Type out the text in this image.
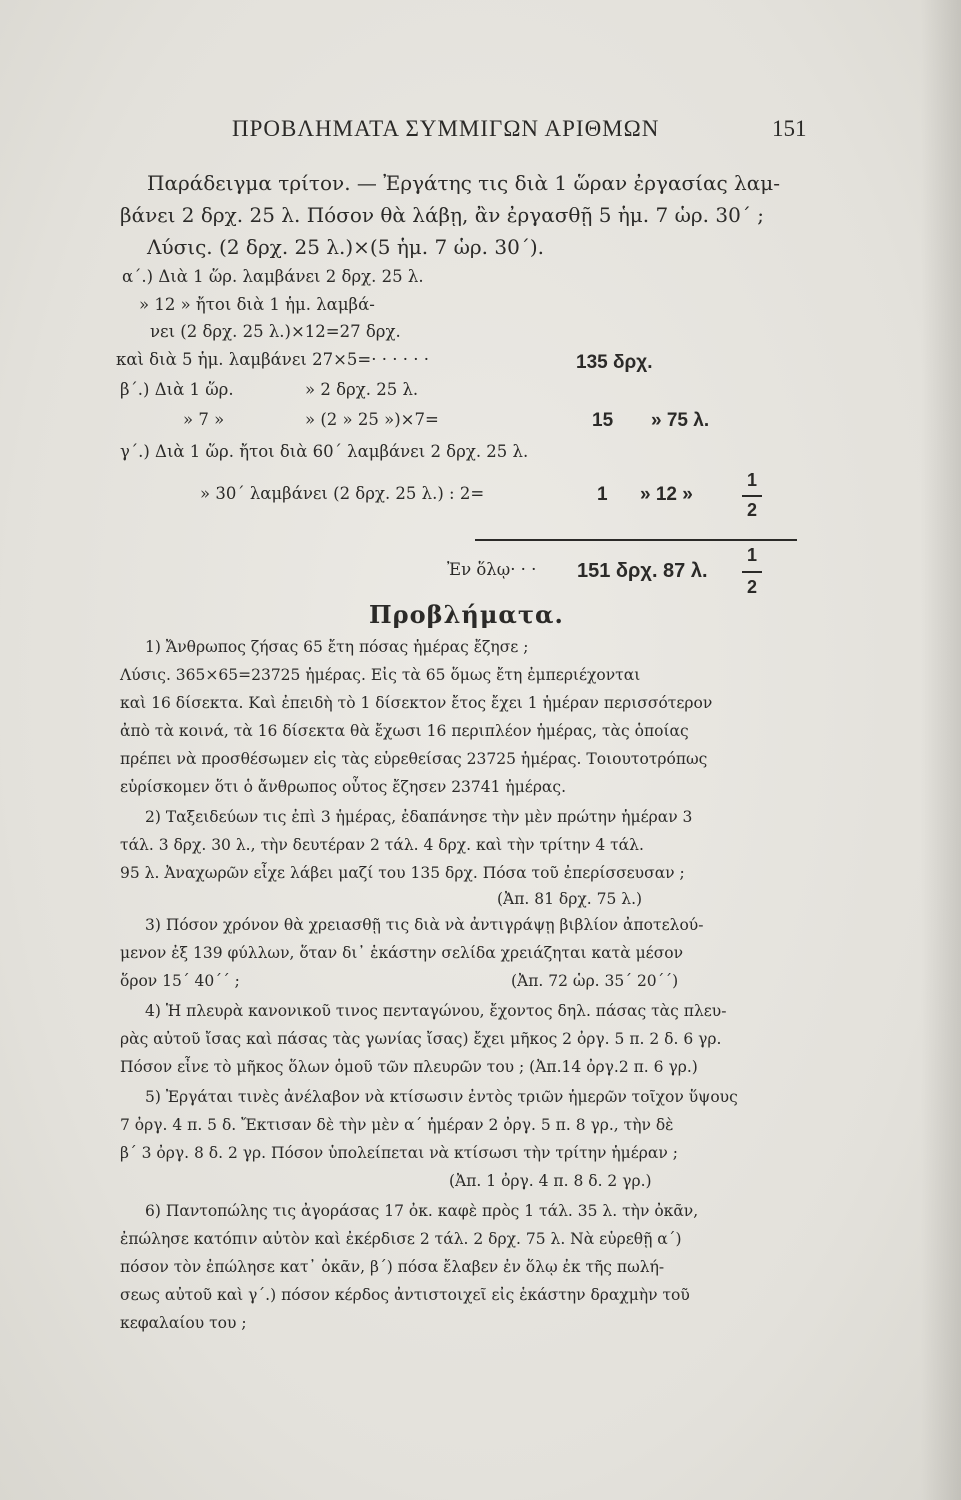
ΠΡΟΒΛΗΜΑΤΑ ΣΥΜΜΙΓΩΝ ΑΡΙΘΜΩΝ	151
Παράδειγμα τρίτον. — Ἐργάτης τις διὰ 1 ὥραν ἐργασίας λαμ-
βάνει 2 δρχ. 25 λ. Πόσον θὰ λάβῃ, ἂν ἐργασθῇ 5 ἡμ. 7 ὡρ. 30΄ ;
Λύσις. (2 δρχ. 25 λ.)×(5 ἡμ. 7 ὡρ. 30΄).
α΄.) Διὰ 1 ὥρ. λαμβάνει 2 δρχ. 25 λ.
» 12 » ἤτοι διὰ 1 ἡμ. λαμβά-
νει (2 δρχ. 25 λ.)×12=27 δρχ.
καὶ διὰ 5 ἡμ. λαμβάνει 27×5=· · · · · ·	135 δρχ.
β΄.) Διὰ 1 ὥρ.	» 2 δρχ. 25 λ.
» 7 »	» (2 » 25 »)×7=	15 » 75 λ.
γ΄.) Διὰ 1 ὥρ. ἤτοι διὰ 60΄ λαμβάνει 2 δρχ. 25 λ.
» 30΄ λαμβάνει (2 δρχ. 25 λ.) : 2=	1 » 12 »
1
2
Ἐν ὅλῳ· · · 151 δρχ. 87 λ.
1
2
Προβλήματα.
1) Ἄνθρωπος ζήσας 65 ἔτη πόσας ἡμέρας ἔζησε ;
Λύσις. 365×65=23725 ἡμέρας. Εἰς τὰ 65 ὅμως ἔτη ἐμπεριέχονται
καὶ 16 δίσεκτα. Καὶ ἐπειδὴ τὸ 1 δίσεκτον ἔτος ἔχει 1 ἡμέραν περισσότερον
ἀπὸ τὰ κοινά, τὰ 16 δίσεκτα θὰ ἔχωσι 16 περιπλέον ἡμέρας, τὰς ὁποίας
πρέπει νὰ προσθέσωμεν εἰς τὰς εὑρεθείσας 23725 ἡμέρας. Τοιουτοτρόπως
εὑρίσκομεν ὅτι ὁ ἄνθρωπος οὗτος ἔζησεν 23741 ἡμέρας.
2) Ταξειδεύων τις ἐπὶ 3 ἡμέρας, ἐδαπάνησε τὴν μὲν πρώτην ἡμέραν 3
τάλ. 3 δρχ. 30 λ., τὴν δευτέραν 2 τάλ. 4 δρχ. καὶ τὴν τρίτην 4 τάλ.
95 λ. Ἀναχωρῶν εἶχε λάβει μαζί του 135 δρχ. Πόσα τοῦ ἐπερίσσευσαν ;
(Ἀπ. 81 δρχ. 75 λ.)
3) Πόσον χρόνον θὰ χρειασθῇ τις διὰ νὰ ἀντιγράψῃ βιβλίον ἀποτελού-
μενον ἐξ 139 φύλλων, ὅταν δι᾽ ἑκάστην σελίδα χρειάζηται κατὰ μέσον
ὅρον 15΄ 40΄΄ ;	(Ἀπ. 72 ὡρ. 35΄ 20΄΄)
4) Ἡ πλευρὰ κανονικοῦ τινος πενταγώνου, ἔχοντος δηλ. πάσας τὰς πλευ-
ρὰς αὐτοῦ ἴσας καὶ πάσας τὰς γωνίας ἴσας) ἔχει μῆκος 2 ὀργ. 5 π. 2 δ. 6 γρ.
Πόσον εἶνε τὸ μῆκος ὅλων ὁμοῦ τῶν πλευρῶν του ; (Ἀπ.14 ὀργ.2 π. 6 γρ.)
5) Ἐργάται τινὲς ἀνέλαβον νὰ κτίσωσιν ἐντὸς τριῶν ἡμερῶν τοῖχον ὕψους
7 ὀργ. 4 π. 5 δ. Ἔκτισαν δὲ τὴν μὲν α΄ ἡμέραν 2 ὀργ. 5 π. 8 γρ., τὴν δὲ
β΄ 3 ὀργ. 8 δ. 2 γρ. Πόσον ὑπολείπεται νὰ κτίσωσι τὴν τρίτην ἡμέραν ;
(Ἀπ. 1 ὀργ. 4 π. 8 δ. 2 γρ.)
6) Παντοπώλης τις ἀγοράσας 17 ὀκ. καφὲ πρὸς 1 τάλ. 35 λ. τὴν ὀκᾶν,
ἐπώλησε κατόπιν αὐτὸν καὶ ἐκέρδισε 2 τάλ. 2 δρχ. 75 λ. Νὰ εὑρεθῇ α΄)
πόσον τὸν ἐπώλησε κατ᾽ ὀκᾶν, β΄) πόσα ἔλαβεν ἐν ὅλῳ ἐκ τῆς πωλή-
σεως αὐτοῦ καὶ γ΄.) πόσον κέρδος ἀντιστοιχεῖ εἰς ἑκάστην δραχμὴν τοῦ
κεφαλαίου του ;
